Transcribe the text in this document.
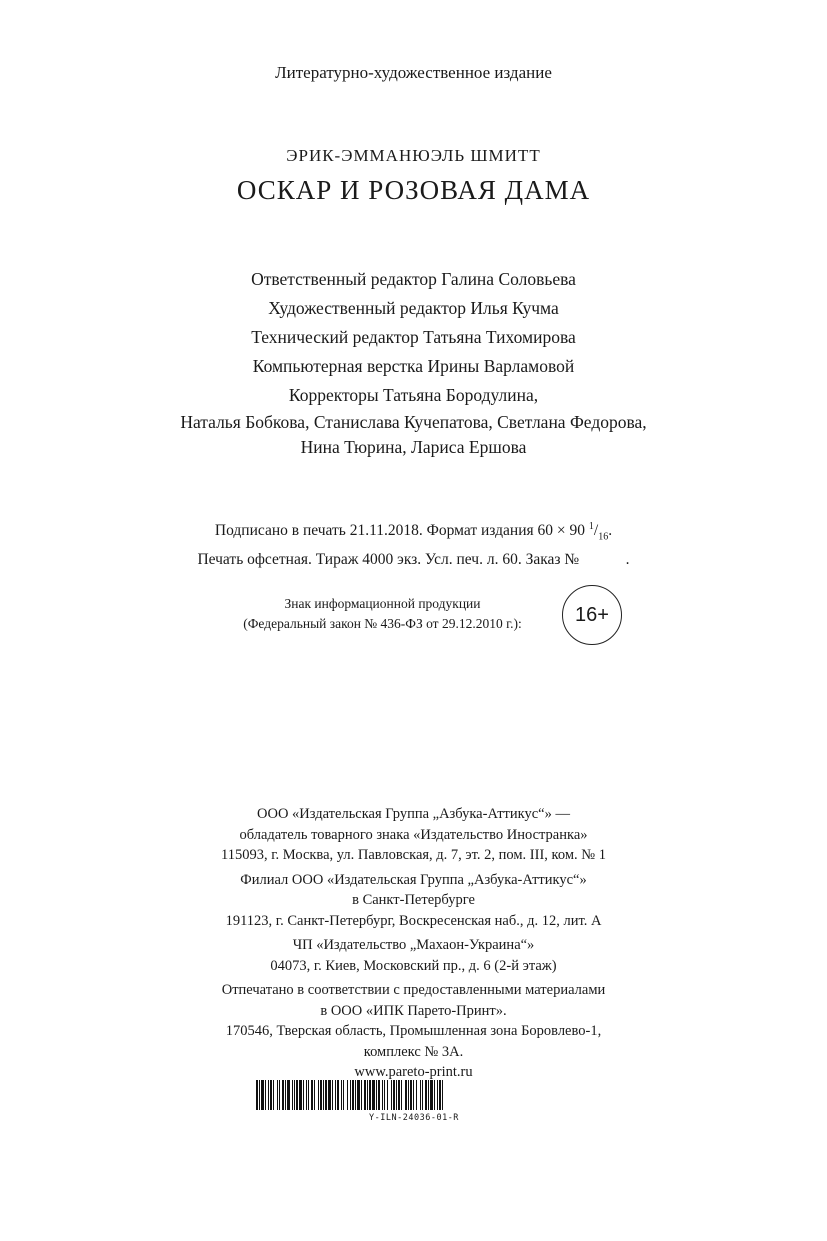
Литературно-художественное издание
ЭРИК-ЭММАНЮЭЛЬ ШМИТТ
ОСКАР И РОЗОВАЯ ДАМА
Ответственный редактор Галина Соловьева
Художественный редактор Илья Кучма
Технический редактор Татьяна Тихомирова
Компьютерная верстка Ирины Варламовой
Корректоры Татьяна Бородулина,
Наталья Бобкова, Станислава Кучепатова, Светлана Федорова,
Нина Тюрина, Лариса Ершова
Подписано в печать 21.11.2018. Формат издания 60 × 90 $^1/_{16}$.
Печать офсетная. Тираж 4000 экз. Усл. печ. л. 60. Заказ №            .
Знак информационной продукции
(Федеральный закон № 436-ФЗ от 29.12.2010 г.):	16+
ООО «Издательская Группа „Азбука-Аттикус“» —
обладатель товарного знака «Издательство Иностранка»
115093, г. Москва, ул. Павловская, д. 7, эт. 2, пом. III, ком. № 1
Филиал ООО «Издательская Группа „Азбука-Аттикус“»
в Санкт-Петербурге
191123, г. Санкт-Петербург, Воскресенская наб., д. 12, лит. А
ЧП «Издательство „Махаон-Украина“»
04073, г. Киев, Московский пр., д. 6 (2-й этаж)
Отпечатано в соответствии с предоставленными материалами
в ООО «ИПК Парето-Принт».
170546, Тверская область, Промышленная зона Боровлево-1,
комплекс № 3А.
www.pareto-print.ru
Y-ILN-24036-01-R
